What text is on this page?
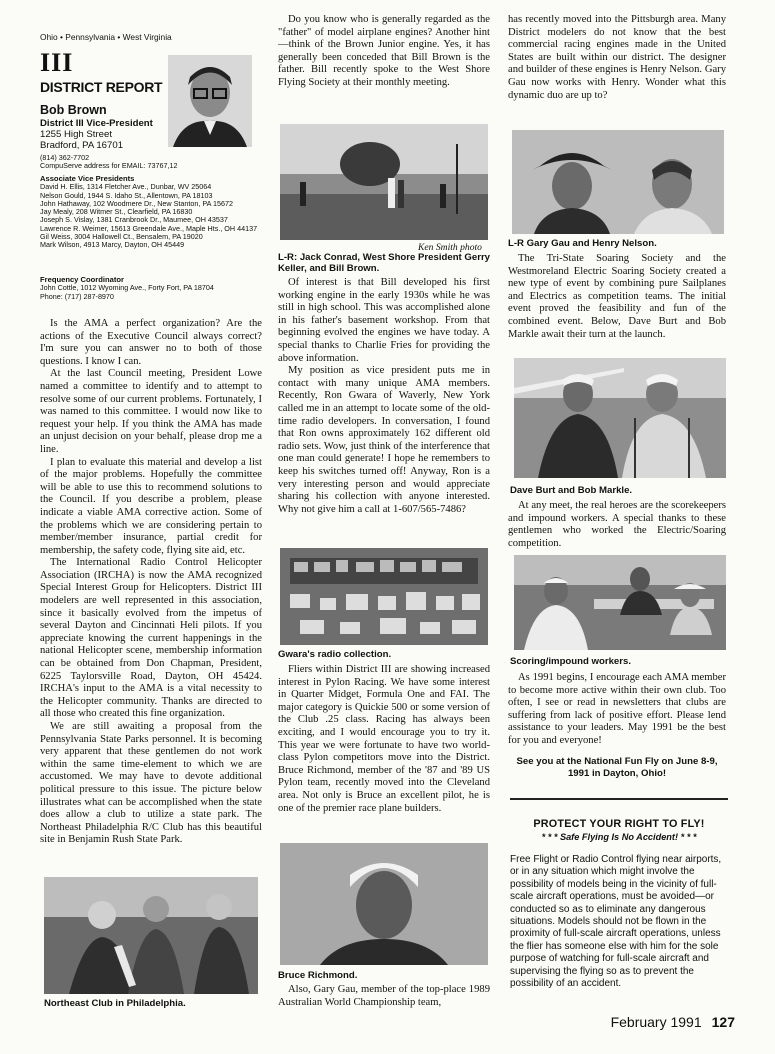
Ohio • Pennsylvania • West Virginia
III
DISTRICT REPORT
Bob Brown
District III Vice-President
1255 High Street
Bradford, PA 16701
(814) 362-7702
CompuServe address for EMAIL: 73767,12
Associate Vice Presidents
David H. Ellis, 1314 Fletcher Ave., Dunbar, WV 25064
Nelson Gould, 1944 S. Idaho St., Allentown, PA 18103
John Hathaway, 102 Woodmere Dr., New Stanton, PA 15672
Jay Mealy, 208 Witmer St., Clearfield, PA 16830
Joseph S. Vislay, 1381 Cranbrook Dr., Maumee, OH 43537
Lawrence R. Weimer, 15613 Greendale Ave., Maple Hts., OH 44137
Gil Weiss, 3004 Hallowell Ct., Bensalem, PA 19020
Mark Wilson, 4913 Marcy, Dayton, OH 45449
Frequency Coordinator
John Cottle, 1012 Wyoming Ave., Forty Fort, PA 18704
Phone: (717) 287-8970

Is the AMA a perfect organization? Are the actions of the Executive Council always correct? I'm sure you can answer no to both of those questions. I know I can.

At the last Council meeting, President Lowe named a committee to identify and to attempt to resolve some of our current problems. Fortunately, I was named to this committee. I would now like to request your help. If you think the AMA has made an unjust decision on your behalf, please drop me a line.

I plan to evaluate this material and develop a list of the major problems. Hopefully the committee will be able to use this to recommend solutions to the Council. If you describe a problem, please indicate a viable AMA corrective action. Some of the problems which we are considering pertain to member/member insurance, partial credit for membership, the safety code, flying site aid, etc.

The International Radio Control Helicopter Association (IRCHA) is now the AMA recognized Special Interest Group for Helicopters. District III modelers are well represented in this association, since it basically evolved from the impetus of several Dayton and Cincinnati Heli pilots. If you appreciate knowing the current happenings in the national Helicopter scene, membership information can be obtained from Don Chapman, President, 6225 Taylorsville Road, Dayton, OH 45424. IRCHA's input to the AMA is a vital necessity to the Helicopter community. Thanks are directed to all those who created this fine organization.

We are still awaiting a proposal from the Pennsylvania State Parks personnel. It is becoming very apparent that these gentlemen do not work within the same time-element to which we are accustomed. We may have to devote additional political pressure to this issue. The picture below illustrates what can be accomplished when the state does allow a club to utilize a state park. The Northeast Philadelphia R/C Club has this beautiful site in Benjamin Rush State Park.

Northeast Club in Philadelphia.

Do you know who is generally regarded as the "father" of model airplane engines? Another hint—think of the Brown Junior engine. Yes, it has generally been conceded that Bill Brown is the father. Bill recently spoke to the West Shore Flying Society at their monthly meeting.

Ken Smith photo
L-R: Jack Conrad, West Shore President Gerry Keller, and Bill Brown.

Of interest is that Bill developed his first working engine in the early 1930s while he was still in high school. This was accomplished alone in his father's basement workshop. From that beginning evolved the engines we have today. A special thanks to Charlie Fries for providing the above information.

My position as vice president puts me in contact with many unique AMA members. Recently, Ron Gwara of Waverly, New York called me in an attempt to locate some of the old-time radio developers. In conversation, I found that Ron owns approximately 162 different old radio sets. Wow, just think of the interference that one man could generate! I hope he remembers to keep his switches turned off! Anyway, Ron is a very interesting person and would appreciate sharing his collection with anyone interested. Why not give him a call at 1-607/565-7486?

Gwara's radio collection.

Fliers within District III are showing increased interest in Pylon Racing. We have some interest in Quarter Midget, Formula One and FAI. The major category is Quickie 500 or some version of the Club .25 class. Racing has always been exciting, and I would encourage you to try it. This year we were fortunate to have two world-class Pylon competitors move into the District. Bruce Richmond, member of the '87 and '89 US Pylon team, recently moved into the Cleveland area. Not only is Bruce an excellent pilot, he is one of the premier race plane builders.

Bruce Richmond.

Also, Gary Gau, member of the top-place 1989 Australian World Championship team,

has recently moved into the Pittsburgh area. Many District modelers do not know that the best commercial racing engines made in the United States are built within our district. The designer and builder of these engines is Henry Nelson. Gary Gau now works with Henry. Wonder what this dynamic duo are up to?

L-R Gary Gau and Henry Nelson.

The Tri-State Soaring Society and the Westmoreland Electric Soaring Society created a new type of event by combining pure Sailplanes and Electrics as competition teams. The initial event proved the feasibility and fun of the combined event. Below, Dave Burt and Bob Markle await their turn at the launch.

Dave Burt and Bob Markle.

At any meet, the real heroes are the scorekeepers and impound workers. A special thanks to these gentlemen who worked the Electric/Soaring competition.

Scoring/impound workers.

As 1991 begins, I encourage each AMA member to become more active within their own club. Too often, I see or read in newsletters that clubs are suffering from lack of positive effort. Please lend assistance to your leaders. May 1991 be the best for you and everyone!

See you at the National Fun Fly on June 8-9, 1991 in Dayton, Ohio!
PROTECT YOUR RIGHT TO FLY!
* * * Safe Flying Is No Accident! * * *
Free Flight or Radio Control flying near airports, or in any situation which might involve the possibility of models being in the vicinity of full-scale aircraft operations, must be avoided—or conducted so as to eliminate any dangerous situations. Models should not be flown in the proximity of full-scale aircraft operations, unless the flier has someone else with him for the sole purpose of watching for full-scale aircraft and supervising the flying so as to prevent the possibility of an accident.
February 1991 127
